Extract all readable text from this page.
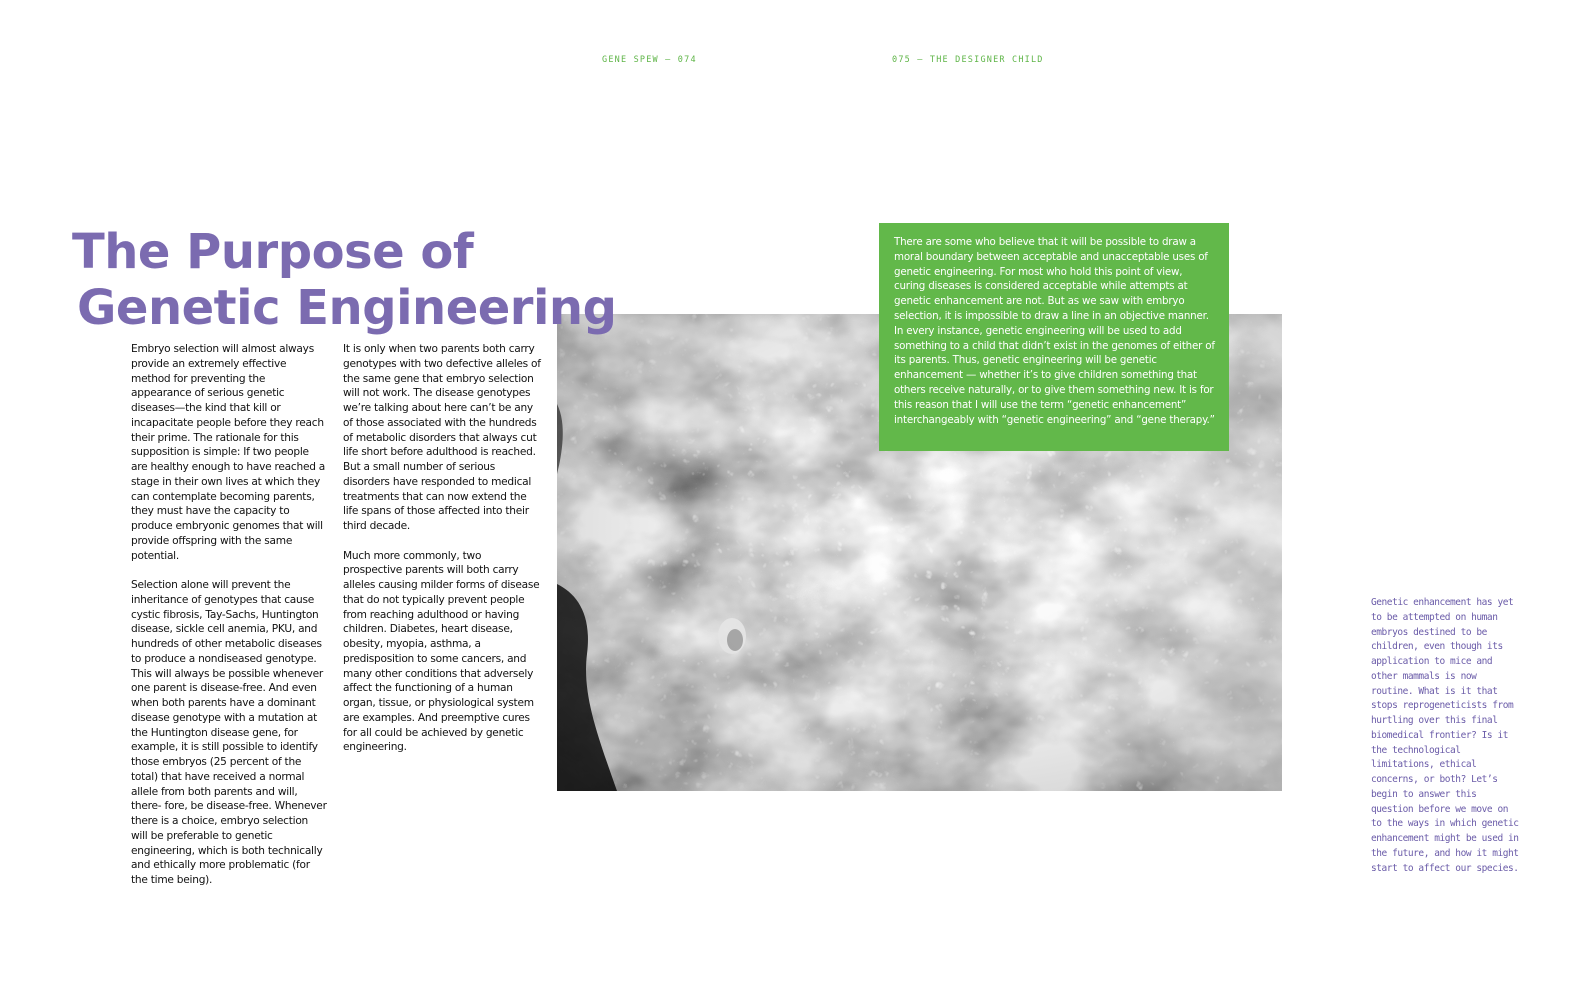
GENE SPEW — 074	075 — THE DESIGNER CHILD
The Purpose of
Genetic Engineering

Embryo selection will almost always provide an extremely effective method for preventing the appearance of serious genetic diseases—the kind that kill or incapacitate people before they reach their prime. The rationale for this supposition is simple: If two people are healthy enough to have reached a stage in their own lives at which they can contemplate becoming parents, they must have the capacity to produce embryonic genomes that will provide offspring with the same potential.

Selection alone will prevent the inheritance of genotypes that cause cystic fibrosis, Tay-Sachs, Huntington disease, sickle cell anemia, PKU, and hundreds of other metabolic diseases to produce a nondiseased genotype. This will always be possible whenever one parent is disease-free. And even when both parents have a dominant disease genotype with a mutation at the Huntington disease gene, for example, it is still possible to identify those embryos (25 percent of the total) that have received a normal allele from both parents and will, there- fore, be disease-free. Whenever there is a choice, embryo selection will be preferable to genetic engineering, which is both technically and ethically more problematic (for the time being).

It is only when two parents both carry genotypes with two defective alleles of the same gene that embryo selection will not work. The disease genotypes we’re talking about here can’t be any of those associated with the hundreds of metabolic disorders that always cut life short before adulthood is reached. But a small number of serious disorders have responded to medical treatments that can now extend the life spans of those affected into their third decade.

Much more commonly, two prospective parents will both carry alleles causing milder forms of disease that do not typically prevent people from reaching adulthood or having children. Diabetes, heart disease, obesity, myopia, asthma, a predisposition to some cancers, and many other conditions that adversely affect the functioning of a human organ, tissue, or physiological system are examples. And preemptive cures for all could be achieved by genetic engineering.

There are some who believe that it will be possible to draw a moral boundary between acceptable and unacceptable uses of genetic engineering. For most who hold this point of view, curing diseases is considered acceptable while attempts at genetic enhancement are not. But as we saw with embryo selection, it is impossible to draw a line in an objective manner. In every instance, genetic engineering will be used to add something to a child that didn’t exist in the genomes of either of its parents. Thus, genetic engineering will be genetic enhancement — whether it’s to give children something that others receive naturally, or to give them something new. It is for this reason that I will use the term “genetic enhancement” interchangeably with “genetic engineering” and “gene therapy.”
Genetic enhancement has yet to be attempted on human embryos destined to be children, even though its application to mice and other mammals is now routine. What is it that stops reprogeneticists from hurtling over this final biomedical frontier? Is it the technological limitations, ethical concerns, or both? Let’s begin to answer this question before we move on to the ways in which genetic enhancement might be used in the future, and how it might start to affect our species.
